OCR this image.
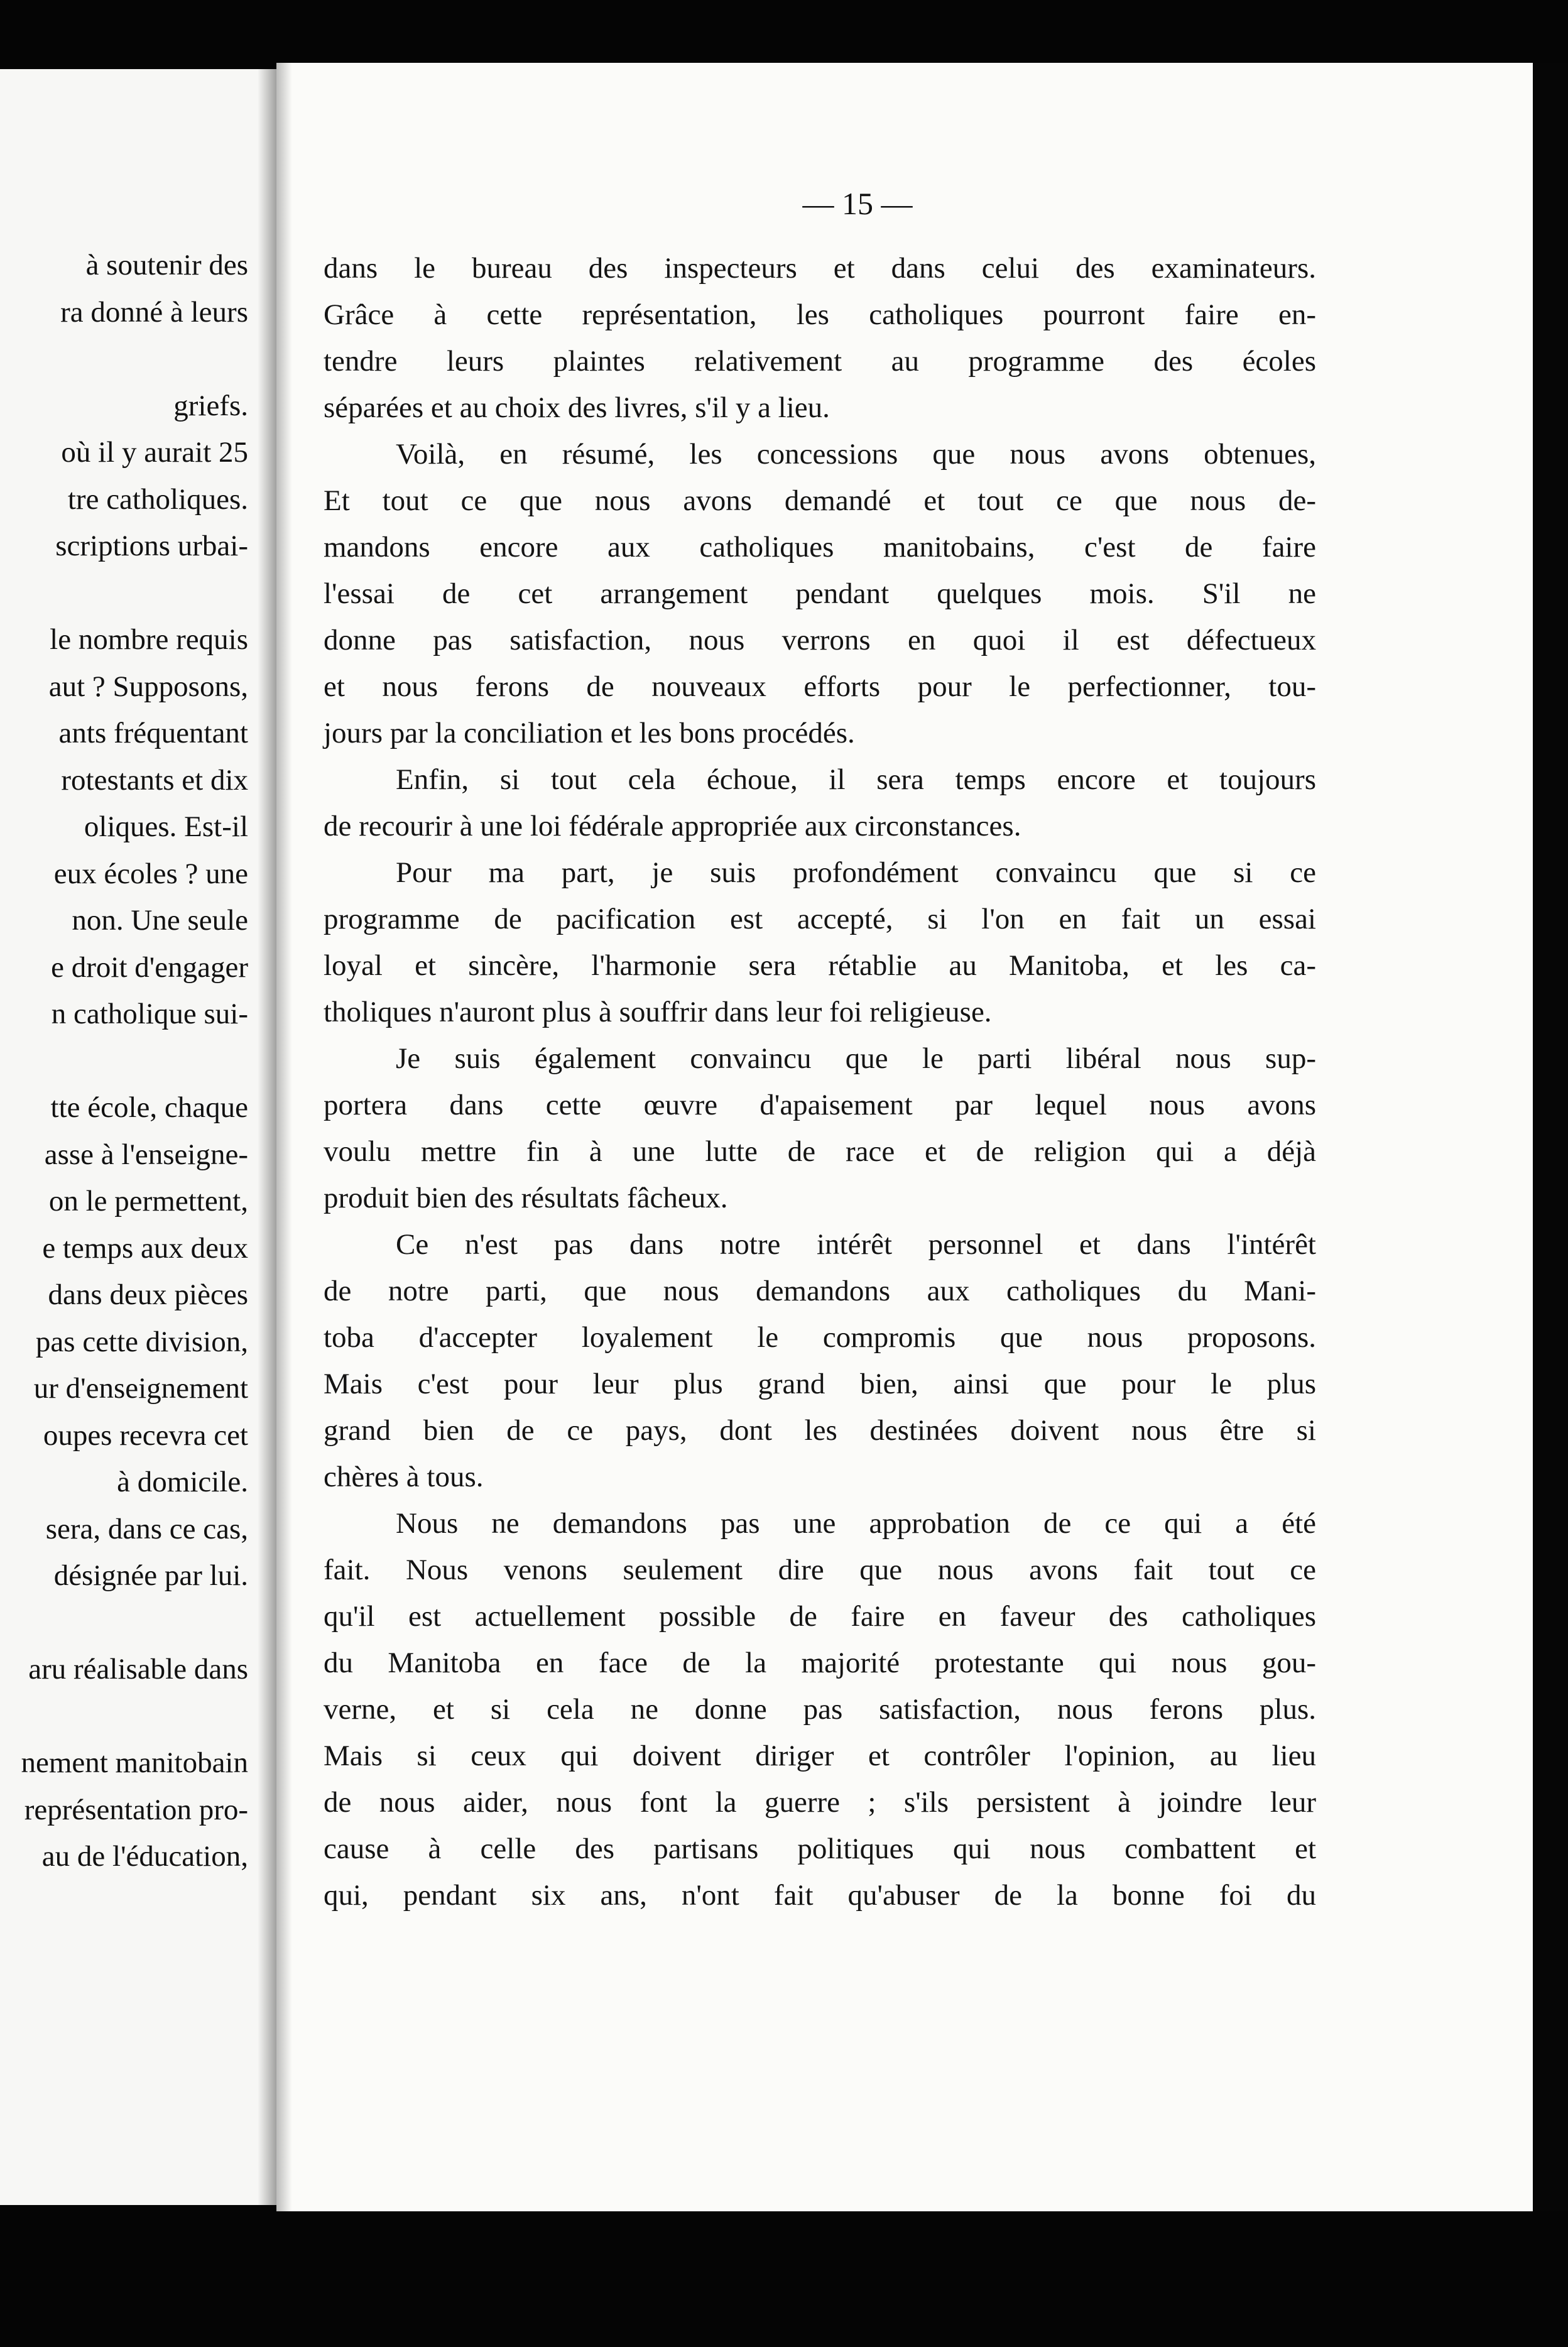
à soutenir des
ra donné à leurs
griefs.
où il y aurait 25
tre catholiques.
scriptions urbai-
le nombre requis
aut ? Supposons,
ants fréquentant
rotestants et dix
oliques. Est-il
eux écoles ? une
non. Une seule
e droit d'engager
n catholique sui-
tte école, chaque
asse à l'enseigne-
on le permettent,
e temps aux deux
dans deux pièces
pas cette division,
ur d'enseignement
oupes recevra cet
à domicile.
sera, dans ce cas,
désignée par lui.
aru réalisable dans
nement manitobain
représentation pro-
au de l'éducation,
— 15 —
dans le bureau des inspecteurs et dans celui des examinateurs.
Grâce à cette représentation, les catholiques pourront faire en-
tendre leurs plaintes relativement au programme des écoles
séparées et au choix des livres, s'il y a lieu.
Voilà, en résumé, les concessions que nous avons obtenues,
Et tout ce que nous avons demandé et tout ce que nous de-
mandons encore aux catholiques manitobains, c'est de faire
l'essai de cet arrangement pendant quelques mois. S'il ne
donne pas satisfaction, nous verrons en quoi il est défectueux
et nous ferons de nouveaux efforts pour le perfectionner, tou-
jours par la conciliation et les bons procédés.
Enfin, si tout cela échoue, il sera temps encore et toujours
de recourir à une loi fédérale appropriée aux circonstances.
Pour ma part, je suis profondément convaincu que si ce
programme de pacification est accepté, si l'on en fait un essai
loyal et sincère, l'harmonie sera rétablie au Manitoba, et les ca-
tholiques n'auront plus à souffrir dans leur foi religieuse.
Je suis également convaincu que le parti libéral nous sup-
portera dans cette œuvre d'apaisement par lequel nous avons
voulu mettre fin à une lutte de race et de religion qui a déjà
produit bien des résultats fâcheux.
Ce n'est pas dans notre intérêt personnel et dans l'intérêt
de notre parti, que nous demandons aux catholiques du Mani-
toba d'accepter loyalement le compromis que nous proposons.
Mais c'est pour leur plus grand bien, ainsi que pour le plus
grand bien de ce pays, dont les destinées doivent nous être si
chères à tous.
Nous ne demandons pas une approbation de ce qui a été
fait. Nous venons seulement dire que nous avons fait tout ce
qu'il est actuellement possible de faire en faveur des catholiques
du Manitoba en face de la majorité protestante qui nous gou-
verne, et si cela ne donne pas satisfaction, nous ferons plus.
Mais si ceux qui doivent diriger et contrôler l'opinion, au lieu
de nous aider, nous font la guerre ; s'ils persistent à joindre leur
cause à celle des partisans politiques qui nous combattent et
qui, pendant six ans, n'ont fait qu'abuser de la bonne foi du
